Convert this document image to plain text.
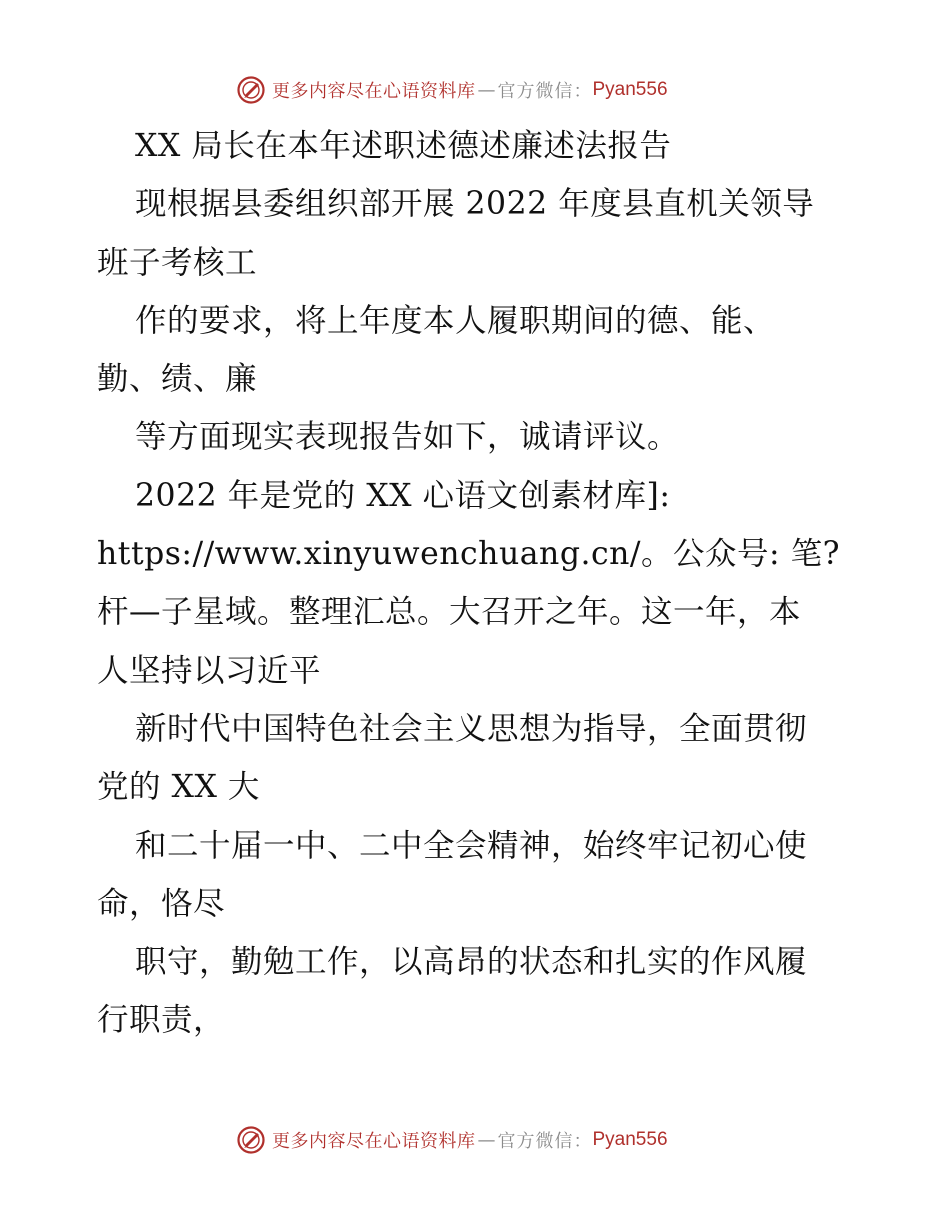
更多内容尽在心语资料库 — 官方微信： Pyan556
XX 局长在本年述职述德述廉述法报告
现根据县委组织部开展 2022 年度县直机关领导
班子考核工
作的要求，将上年度本人履职期间的德、能、
勤、绩、廉
等方面现实表现报告如下，诚请评议。
2022 年是党的 XX 心语文创素材库]:
https://www.xinyuwenchuang.cn/。公众号: 笔?
杆—子星域。整理汇总。大召开之年。这一年，本
人坚持以习近平
新时代中国特色社会主义思想为指导，全面贯彻
党的 XX 大
和二十届一中、二中全会精神，始终牢记初心使
命，恪尽
职守，勤勉工作，以高昂的状态和扎实的作风履
行职责，
更多内容尽在心语资料库 — 官方微信： Pyan556
